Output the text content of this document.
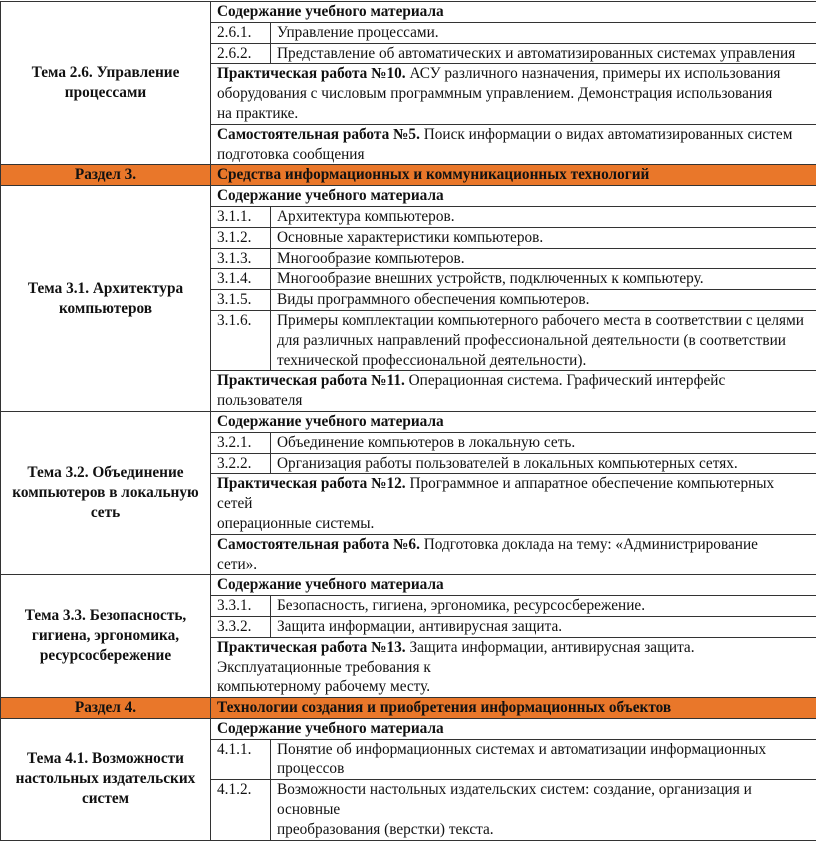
Тема 2.6. Управление процессами	Содержание учебного материала	
	2.6.1.	Управление процессами.

	2.6.2.	Представление об автоматических и автоматизированных системах управления

	Практическая работа №10. АСУ различного назначения, примеры их использования
оборудования с числовым программным управлением. Демонстрация использования
на практике.	

	Самостоятельная работа №5. Поиск информации о видах автоматизированных систем
подготовка сообщения	

Раздел 3.	Средства информационных и коммуникационных технологий	
Тема 3.1. Архитектура компьютеров	Содержание учебного материала	
	3.1.1.	Архитектура компьютеров.

	3.1.2.	Основные характеристики компьютеров.

	3.1.3.	Многообразие компьютеров.

	3.1.4.	Многообразие внешних устройств, подключенных к компьютеру.

	3.1.5.	Виды программного обеспечения компьютеров.

	3.1.6.	Примеры комплектации компьютерного рабочего места в соответствии с целями
для различных направлений профессиональной деятельности (в соответствии
технической профессиональной деятельности).

	Практическая работа №11. Операционная система. Графический интерфейс пользователя	

Тема 3.2. Объединение компьютеров в локальную сеть	Содержание учебного материала	
	3.2.1.	Объединение компьютеров в локальную сеть.

	3.2.2.	Организация работы пользователей в локальных компьютерных сетях.

	Практическая работа №12. Программное и аппаратное обеспечение компьютерных сетей
операционные системы.	

	Самостоятельная работа №6. Подготовка доклада на тему: «Администрирование
сети».	

Тема 3.3. Безопасность, гигиена, эргономика, ресурсосбережение	Содержание учебного материала	
	3.3.1.	Безопасность, гигиена, эргономика, ресурсосбережение.

	3.3.2.	Защита информации, антивирусная защита.

	Практическая работа №13. Защита информации, антивирусная защита. Эксплуатационные требования к
компьютерному рабочему месту.	

Раздел 4.	Технологии создания и приобретения информационных объектов	
Тема 4.1. Возможности настольных издательских систем	Содержание учебного материала	
	4.1.1.	Понятие об информационных системах и автоматизации информационных процессов

	4.1.2.	Возможности настольных издательских систем: создание, организация и основные
преобразования (верстки) текста.
